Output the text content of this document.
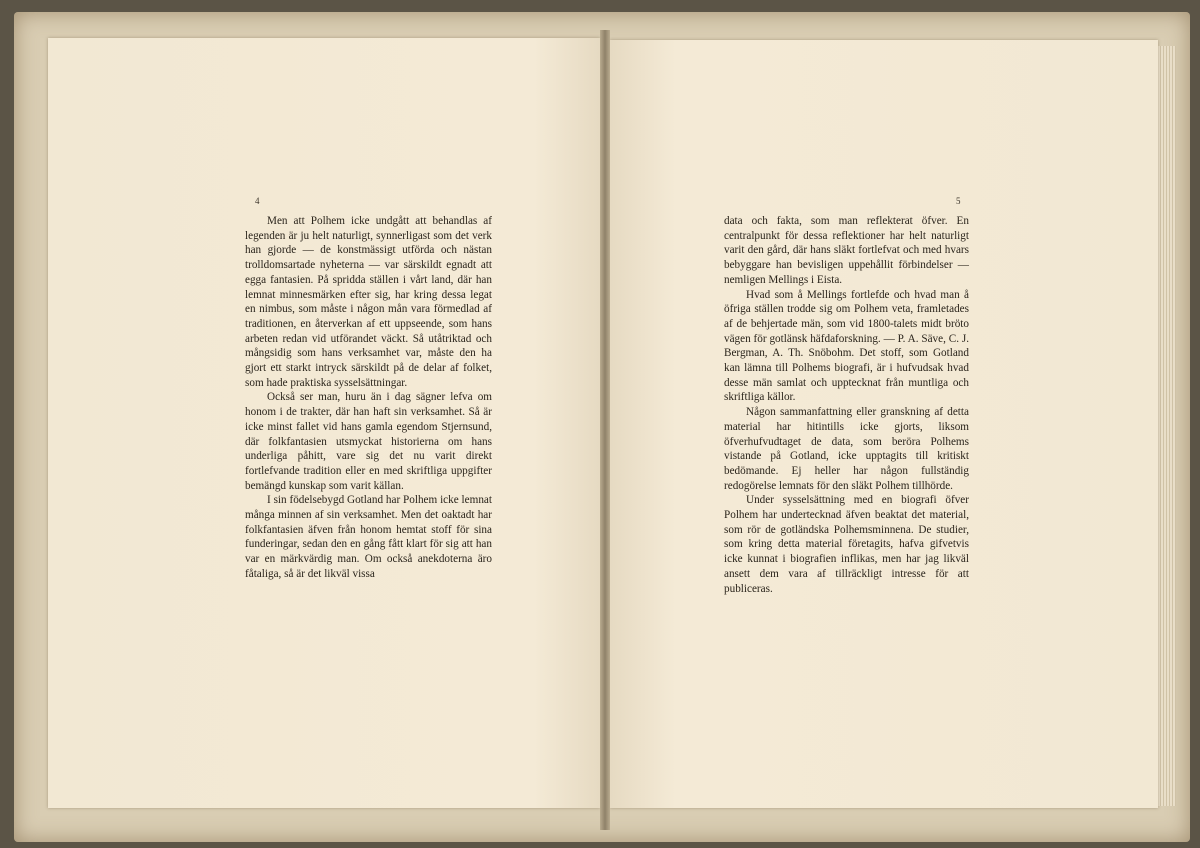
4	5

Men att Polhem icke undgått att behandlas af legenden är ju helt naturligt, synnerligast som det verk han gjorde — de konstmässigt utförda och nästan trolldomsartade nyheterna — var särskildt egnadt att egga fantasien. På spridda ställen i vårt land, där han lemnat minnesmärken efter sig, har kring dessa legat en nimbus, som måste i någon mån vara förmedlad af traditionen, en återverkan af ett uppseende, som hans arbeten redan vid utförandet väckt. Så utåtriktad och mångsidig som hans verksamhet var, måste den ha gjort ett starkt intryck särskildt på de delar af folket, som hade praktiska sysselsättningar.

Också ser man, huru än i dag sägner lefva om honom i de trakter, där han haft sin verksamhet. Så är icke minst fallet vid hans gamla egendom Stjernsund, där folkfantasien utsmyckat historierna om hans underliga påhitt, vare sig det nu varit direkt fortlefvande tradition eller en med skriftliga uppgifter bemängd kunskap som varit källan.

I sin födelsebygd Gotland har Polhem icke lemnat många minnen af sin verksamhet. Men det oaktadt har folkfantasien äfven från honom hemtat stoff för sina funderingar, sedan den en gång fått klart för sig att han var en märkvärdig man. Om också anekdoterna äro fåtaliga, så är det likväl vissa

data och fakta, som man reflekterat öfver. En centralpunkt för dessa reflektioner har helt naturligt varit den gård, där hans släkt fortlefvat och med hvars bebyggare han bevisligen uppehållit förbindelser — nemligen Mellings i Eista.

Hvad som å Mellings fortlefde och hvad man å öfriga ställen trodde sig om Polhem veta, framletades af de behjertade män, som vid 1800-talets midt bröto vägen för gotlänsk häfdaforskning. — P. A. Säve, C. J. Bergman, A. Th. Snöbohm. Det stoff, som Gotland kan lämna till Polhems biografi, är i hufvudsak hvad desse män samlat och upptecknat från muntliga och skriftliga källor.

Någon sammanfattning eller granskning af detta material har hitintills icke gjorts, liksom öfverhufvudtaget de data, som beröra Polhems vistande på Gotland, icke upptagits till kritiskt bedömande. Ej heller har någon fullständig redogörelse lemnats för den släkt Polhem tillhörde.

Under sysselsättning med en biografi öfver Polhem har undertecknad äfven beaktat det material, som rör de gotländska Polhemsminnena. De studier, som kring detta material företagits, hafva gifvetvis icke kunnat i biografien inflikas, men har jag likväl ansett dem vara af tillräckligt intresse för att publiceras.
